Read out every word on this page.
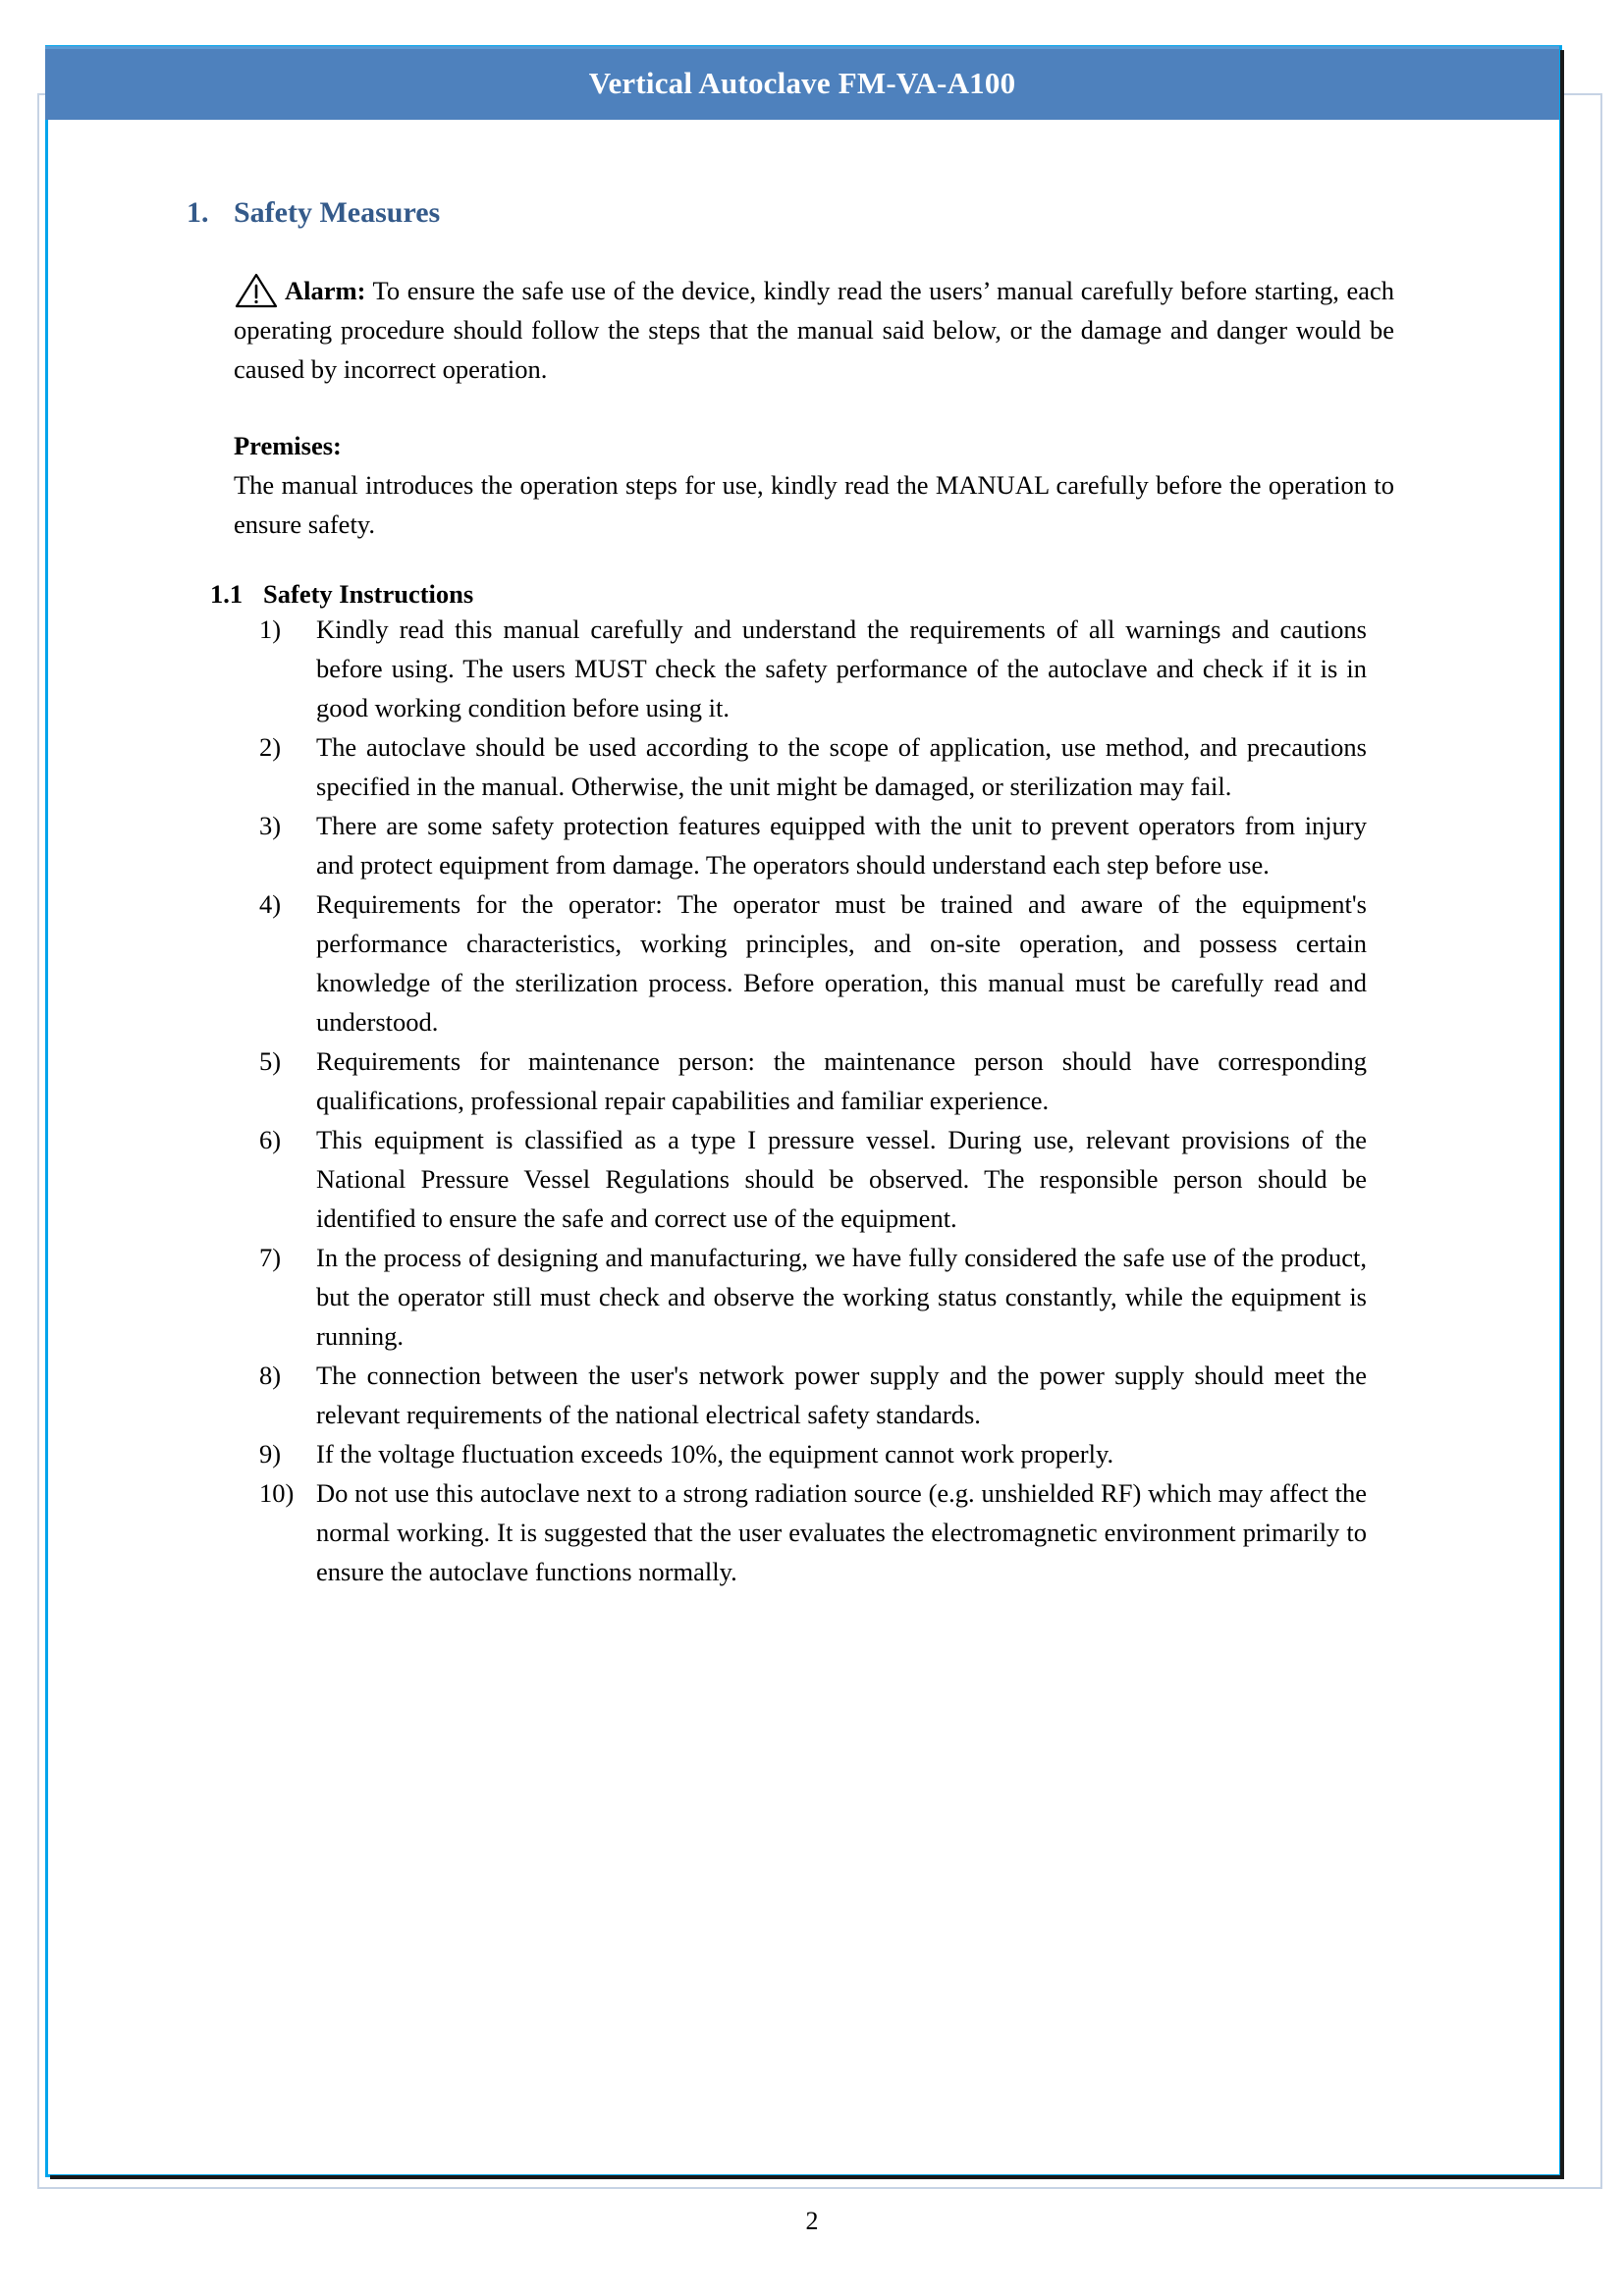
Vertical Autoclave FM-VA-A100
1. Safety Measures

Alarm: To ensure the safe use of the device, kindly read the users’ manual carefully before starting, each operating procedure should follow the steps that the manual said below, or the damage and danger would be caused by incorrect operation.

Premises:

The manual introduces the operation steps for use, kindly read the MANUAL carefully before the operation to ensure safety.

1.1 Safety Instructions
1)	Kindly read this manual carefully and understand the requirements of all warnings and cautions before using. The users MUST check the safety performance of the autoclave and check if it is in good working condition before using it.
2)	The autoclave should be used according to the scope of application, use method, and precautions specified in the manual. Otherwise, the unit might be damaged, or sterilization may fail.
3)	There are some safety protection features equipped with the unit to prevent operators from injury and protect equipment from damage. The operators should understand each step before use.
4)	Requirements for the operator: The operator must be trained and aware of the equipment's performance characteristics, working principles, and on-site operation, and possess certain knowledge of the sterilization process. Before operation, this manual must be carefully read and understood.
5)	Requirements for maintenance person: the maintenance person should have corresponding qualifications, professional repair capabilities and familiar experience.
6)	This equipment is classified as a type I pressure vessel. During use, relevant provisions of the National Pressure Vessel Regulations should be observed. The responsible person should be identified to ensure the safe and correct use of the equipment.
7)	In the process of designing and manufacturing, we have fully considered the safe use of the product, but the operator still must check and observe the working status constantly, while the equipment is running.
8)	The connection between the user's network power supply and the power supply should meet the relevant requirements of the national electrical safety standards.
9)	If the voltage fluctuation exceeds 10%, the equipment cannot work properly.
10) Do not use this autoclave next to a strong radiation source (e.g. unshielded RF) which may affect the normal working. It is suggested that the user evaluates the electromagnetic environment primarily to ensure the autoclave functions normally.
2
